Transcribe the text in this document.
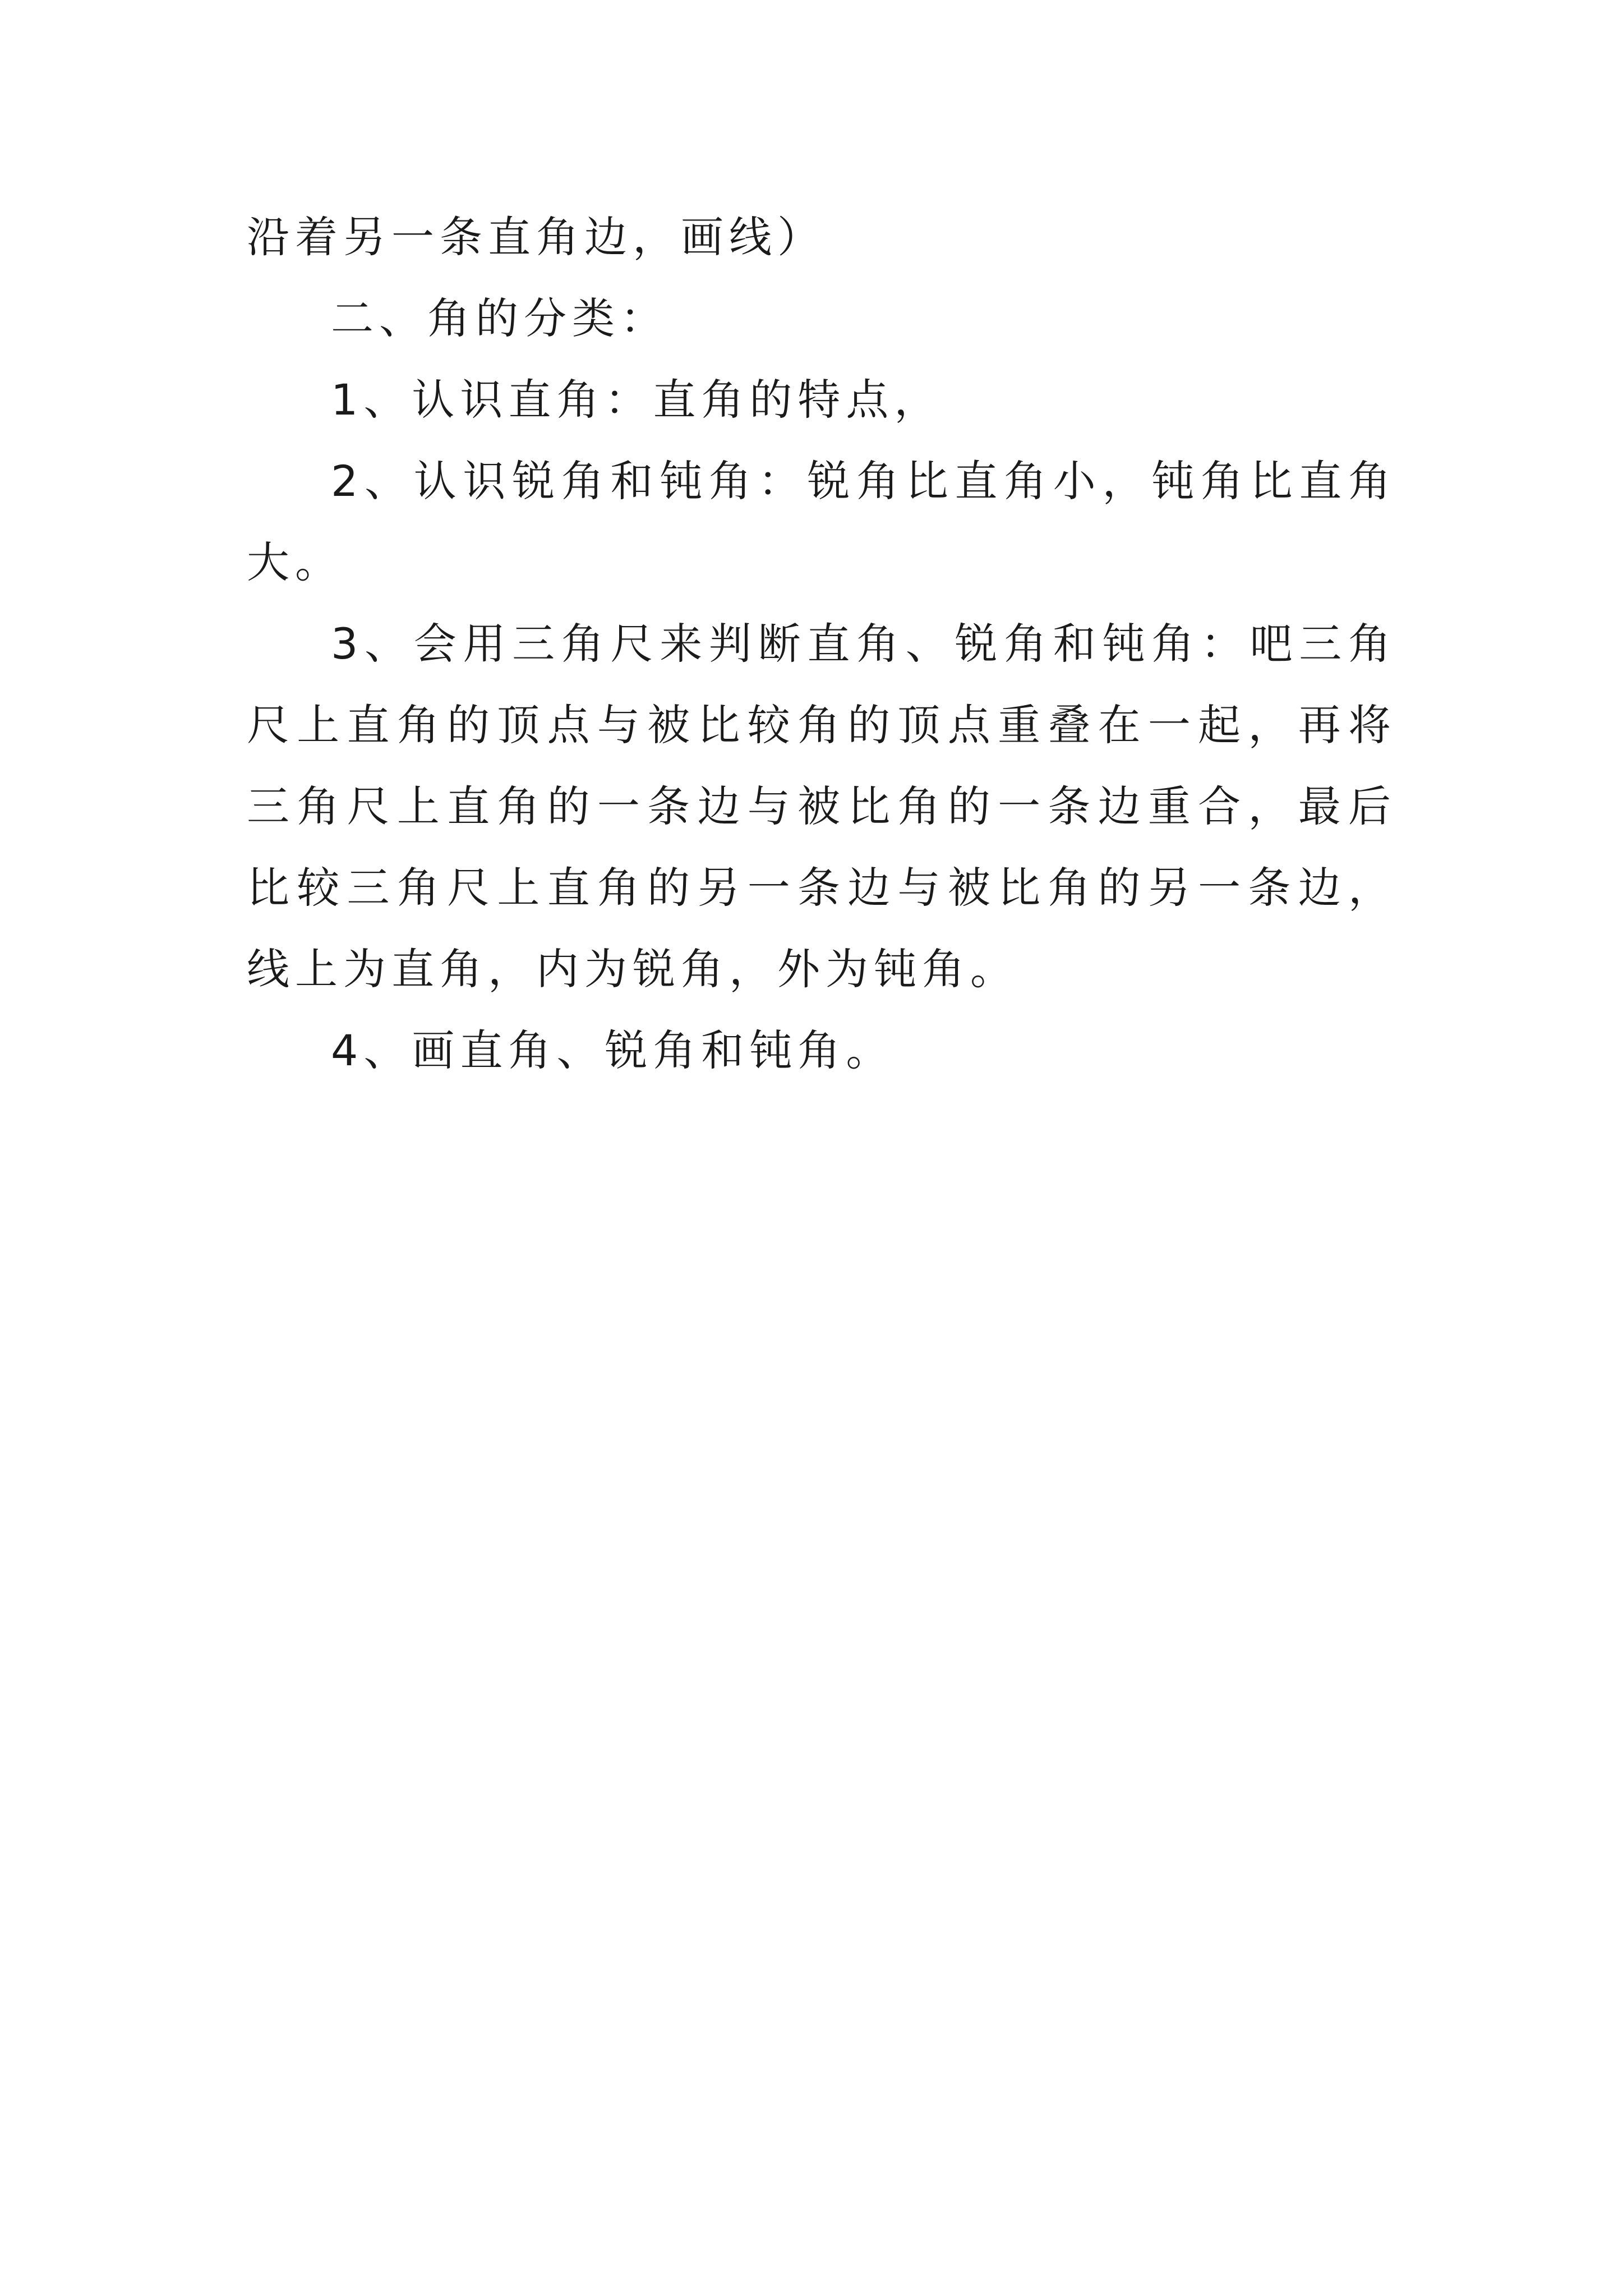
沿着另一条直角边，画线）

二、角的分类：

1、认识直角：直角的特点，

2、认识锐角和钝角：锐角比直角小，钝角比直角大。

3、会用三角尺来判断直角、锐角和钝角：吧三角尺上直角的顶点与被比较角的顶点重叠在一起，再将三角尺上直角的一条边与被比角的一条边重合，最后比较三角尺上直角的另一条边与被比角的另一条边，线上为直角，内为锐角，外为钝角。

4、画直角、锐角和钝角。
